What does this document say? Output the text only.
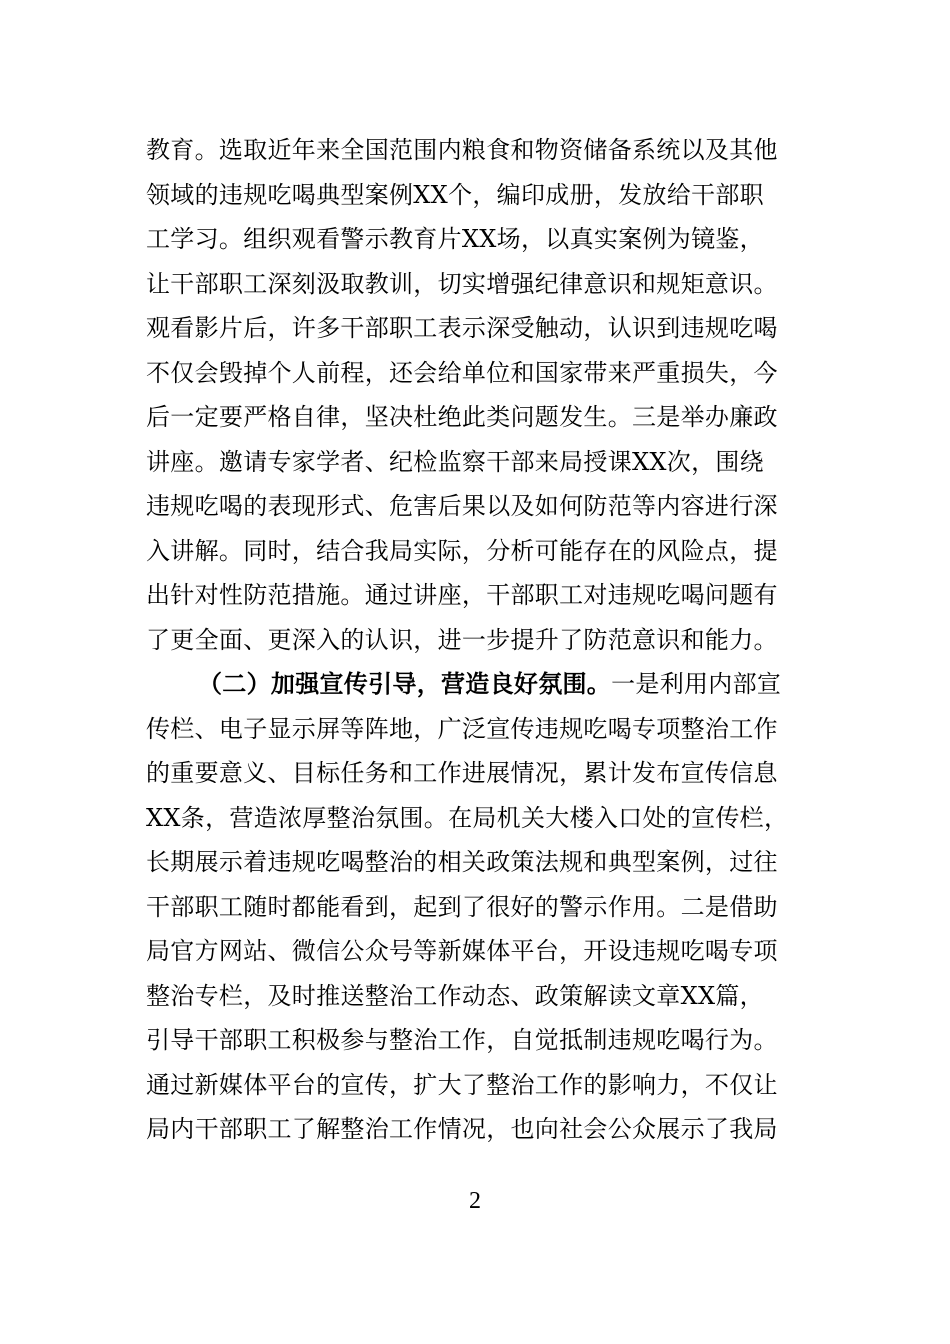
教育。选取近年来全国范围内粮食和物资储备系统以及其他
领域的违规吃喝典型案例XX个，编印成册，发放给干部职
工学习。组织观看警示教育片XX场，以真实案例为镜鉴，
让干部职工深刻汲取教训，切实增强纪律意识和规矩意识。
观看影片后，许多干部职工表示深受触动，认识到违规吃喝
不仅会毁掉个人前程，还会给单位和国家带来严重损失，今
后一定要严格自律，坚决杜绝此类问题发生。三是举办廉政
讲座。邀请专家学者、纪检监察干部来局授课XX次，围绕
违规吃喝的表现形式、危害后果以及如何防范等内容进行深
入讲解。同时，结合我局实际，分析可能存在的风险点，提
出针对性防范措施。通过讲座，干部职工对违规吃喝问题有
了更全面、更深入的认识，进一步提升了防范意识和能力。
（二）加强宣传引导，营造良好氛围。一是利用内部宣
传栏、电子显示屏等阵地，广泛宣传违规吃喝专项整治工作
的重要意义、目标任务和工作进展情况，累计发布宣传信息
XX条，营造浓厚整治氛围。在局机关大楼入口处的宣传栏，
长期展示着违规吃喝整治的相关政策法规和典型案例，过往
干部职工随时都能看到，起到了很好的警示作用。二是借助
局官方网站、微信公众号等新媒体平台，开设违规吃喝专项
整治专栏，及时推送整治工作动态、政策解读文章XX篇，
引导干部职工积极参与整治工作，自觉抵制违规吃喝行为。
通过新媒体平台的宣传，扩大了整治工作的影响力，不仅让
局内干部职工了解整治工作情况，也向社会公众展示了我局
2
